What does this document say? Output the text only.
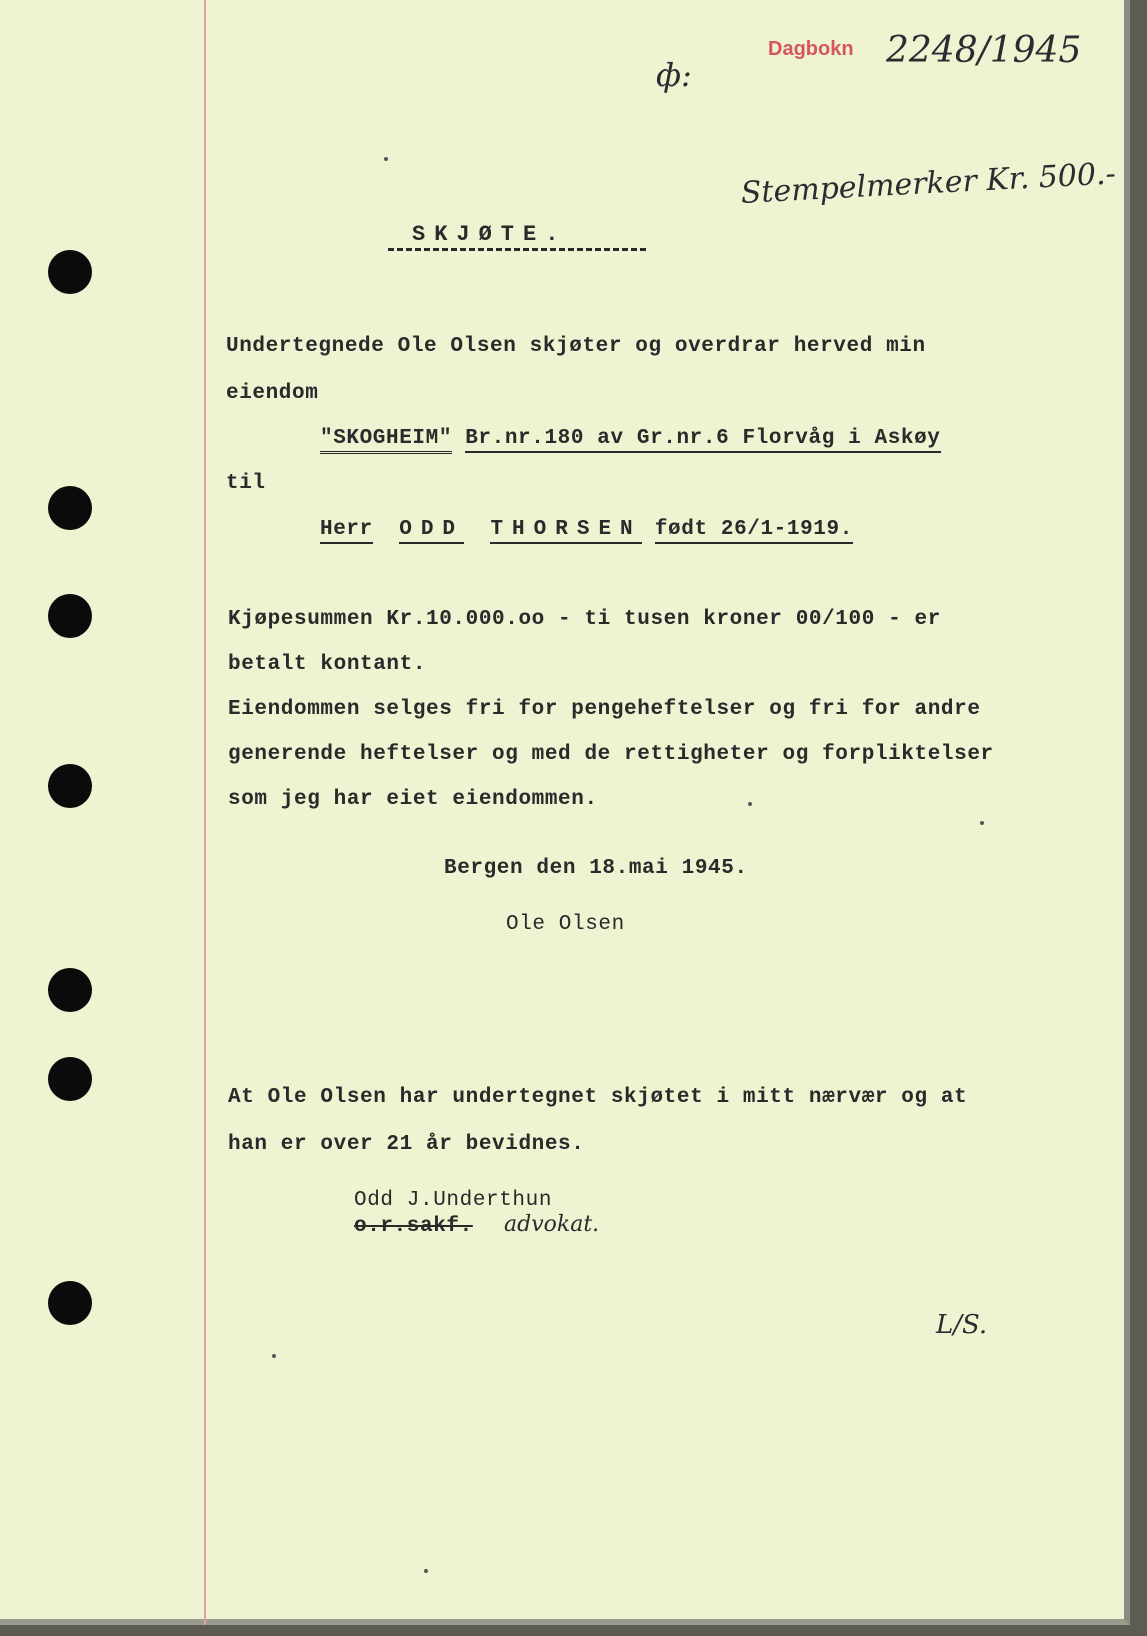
Dagbokn 2248/1945
ф:
Stempelmerker Kr. 500.-
SKJØTE.
Undertegnede Ole Olsen skjøter og overdrar herved min
eiendom
"SKOGHEIM" Br.nr.180 av Gr.nr.6 Florvåg i Askøy
til
Herr ODD THORSEN født 26/1-1919.
Kjøpesummen Kr.10.000.oo - ti tusen kroner 00/100 - er
betalt kontant.
Eiendommen selges fri for pengeheftelser og fri for andre
generende heftelser og med de rettigheter og forpliktelser
som jeg har eiet eiendommen.
Bergen den 18.mai 1945.
Ole Olsen
At Ole Olsen har undertegnet skjøtet i mitt nærvær og at
han er over 21 år bevidnes.
Odd J.Underthun
o.r.sakf. advokat.
L/S.
